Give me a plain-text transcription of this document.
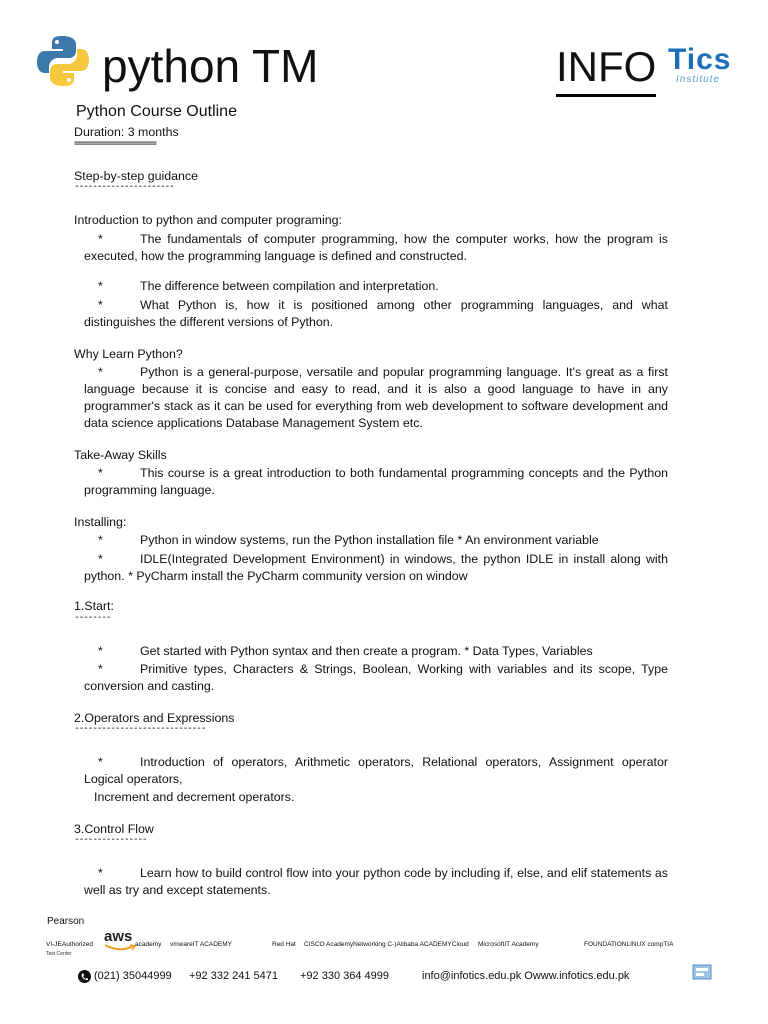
python TM	INFO Tics
Institute
Python Course Outline
Duration: 3 months
==================
Step-by-step guidance
----------------------
Introduction to python and computer programing:
*	The fundamentals of computer programming, how the computer works, how the program is executed, how the programming language is defined and constructed.
*	The difference between compilation and interpretation.
*	What Python is, how it is positioned among other programming languages, and what distinguishes the different versions of Python.
Why Learn Python?
*	Python is a general-purpose, versatile and popular programming language. It's great as a first language because it is concise and easy to read, and it is also a good language to have in any programmer's stack as it can be used for everything from web development to software development and data science applications Database Management System etc.
Take-Away Skills
*	This course is a great introduction to both fundamental programming concepts and the Python programming language.
Installing:
*	Python in window systems, run the Python installation file * An environment variable
*	IDLE(Integrated Development Environment) in windows, the python IDLE in install along with python. * PyCharm install the PyCharm community version on window
1.Start:
--------
*	Get started with Python syntax and then create a program. * Data Types, Variables
*	Primitive types, Characters & Strings, Boolean, Working with variables and its scope, Type conversion and casting.
2.Operators and Expressions
-----------------------------
*	Introduction of operators, Arithmetic operators, Relational operators, Assignment operator Logical operators,
Increment and decrement operators.
3.Control Flow
----------------
*	Learn how to build control flow into your python code by including if, else, and elif statements as well as try and except statements.
Pearson
aws
VI-JEAuthorized	academy vmwareIT ACADEMY	Red Hat CISCO AcademyNetworking C-)Alibaba ACADEMYCloud MicrosoftIT Academy	FOUNDATIONLINUX compTIA
Test Center
(021) 35044999 +92 332 241 5471 +92 330 364 4999	info@infotics.edu.pk Owww.infotics.edu.pk
